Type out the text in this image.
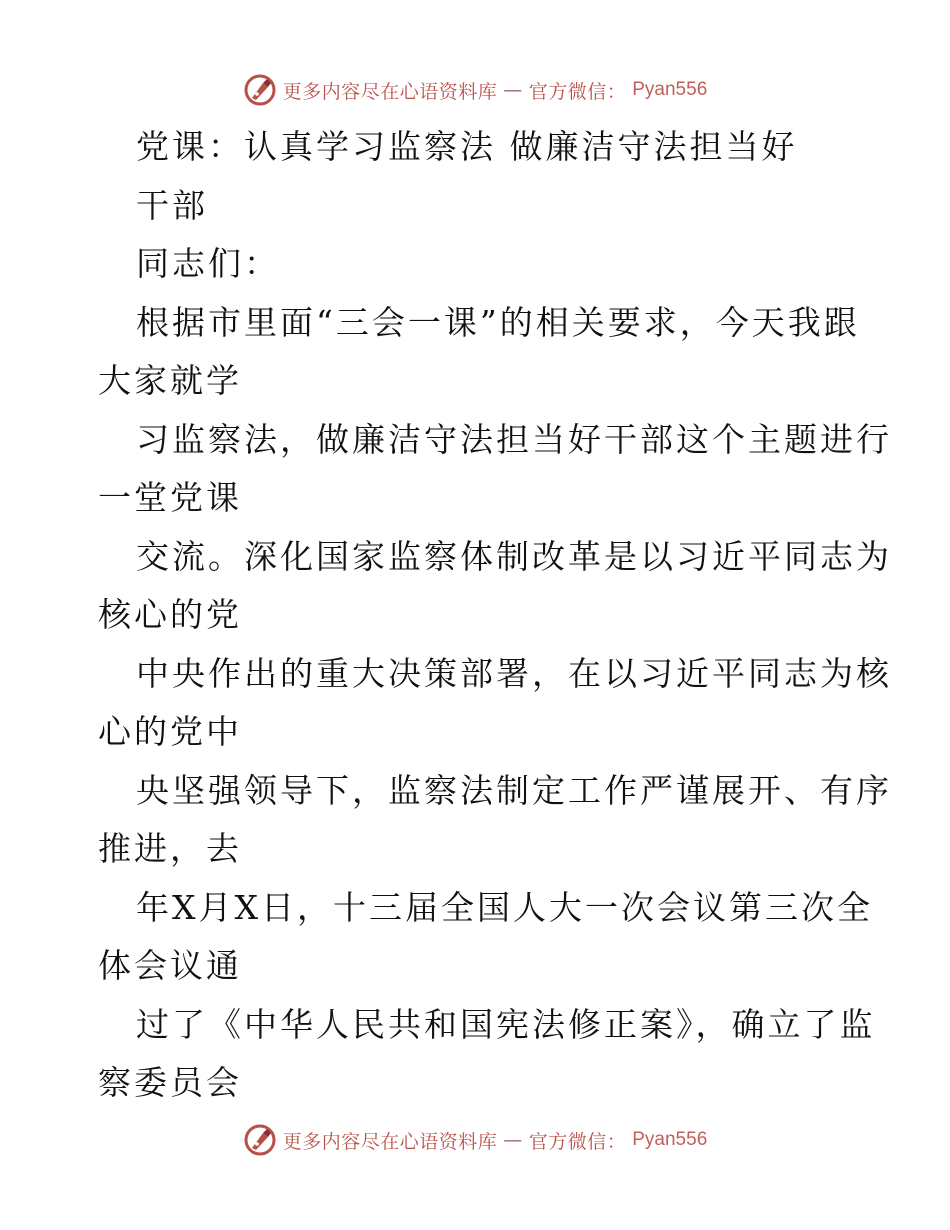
更多内容尽在心语资料库 — 官方微信： Pyan556
党课：认真学习监察法 做廉洁守法担当好
干部
同志们：
根据市里面“三会一课”的相关要求，今天我跟
大家就学
习监察法，做廉洁守法担当好干部这个主题进行
一堂党课
交流。深化国家监察体制改革是以习近平同志为
核心的党
中央作出的重大决策部署，在以习近平同志为核
心的党中
央坚强领导下，监察法制定工作严谨展开、有序
推进，去
年X月X日，十三届全国人大一次会议第三次全
体会议通
过了《中华人民共和国宪法修正案》，确立了监
察委员会
更多内容尽在心语资料库 — 官方微信： Pyan556
